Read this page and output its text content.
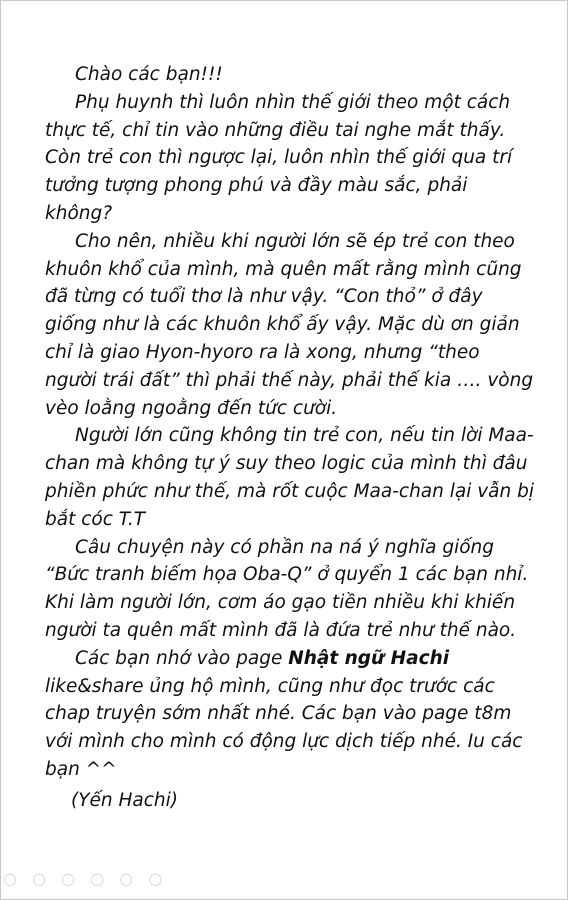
Chào các bạn!!!

Phụ huynh thì luôn nhìn thế giới theo một cách thực tế, chỉ tin vào những điều tai nghe mắt thấy. Còn trẻ con thì ngược lại, luôn nhìn thế giới qua trí tưởng tượng phong phú và đầy màu sắc, phải không?

Cho nên, nhiều khi người lớn sẽ ép trẻ con theo khuôn khổ của mình, mà quên mất rằng mình cũng đã từng có tuổi thơ là như vậy. “Con thỏ” ở đây giống như là các khuôn khổ ấy vậy. Mặc dù ơn giản chỉ là giao Hyon-hyoro ra là xong, nhưng “theo người trái đất” thì phải thế này, phải thế kia …. vòng vèo loằng ngoằng đến tức cười.

Người lớn cũng không tin trẻ con, nếu tin lời Maa-chan mà không tự ý suy theo logic của mình thì đâu phiền phức như thế, mà rốt cuộc Maa-chan lại vẫn bị bắt cóc T.T

Câu chuyện này có phần na ná ý nghĩa giống “Bức tranh biếm họa Oba-Q” ở quyển 1 các bạn nhỉ. Khi làm người lớn, cơm áo gạo tiền nhiều khi khiến người ta quên mất mình đã là đứa trẻ như thế nào.

Các bạn nhớ vào page Nhật ngữ Hachi like&share ủng hộ mình, cũng như đọc trước các chap truyện sớm nhất nhé. Các bạn vào page t8m với mình cho mình có động lực dịch tiếp nhé. Iu các bạn ^^

(Yến Hachi)

○ ○ ○ ○ ○ ○
